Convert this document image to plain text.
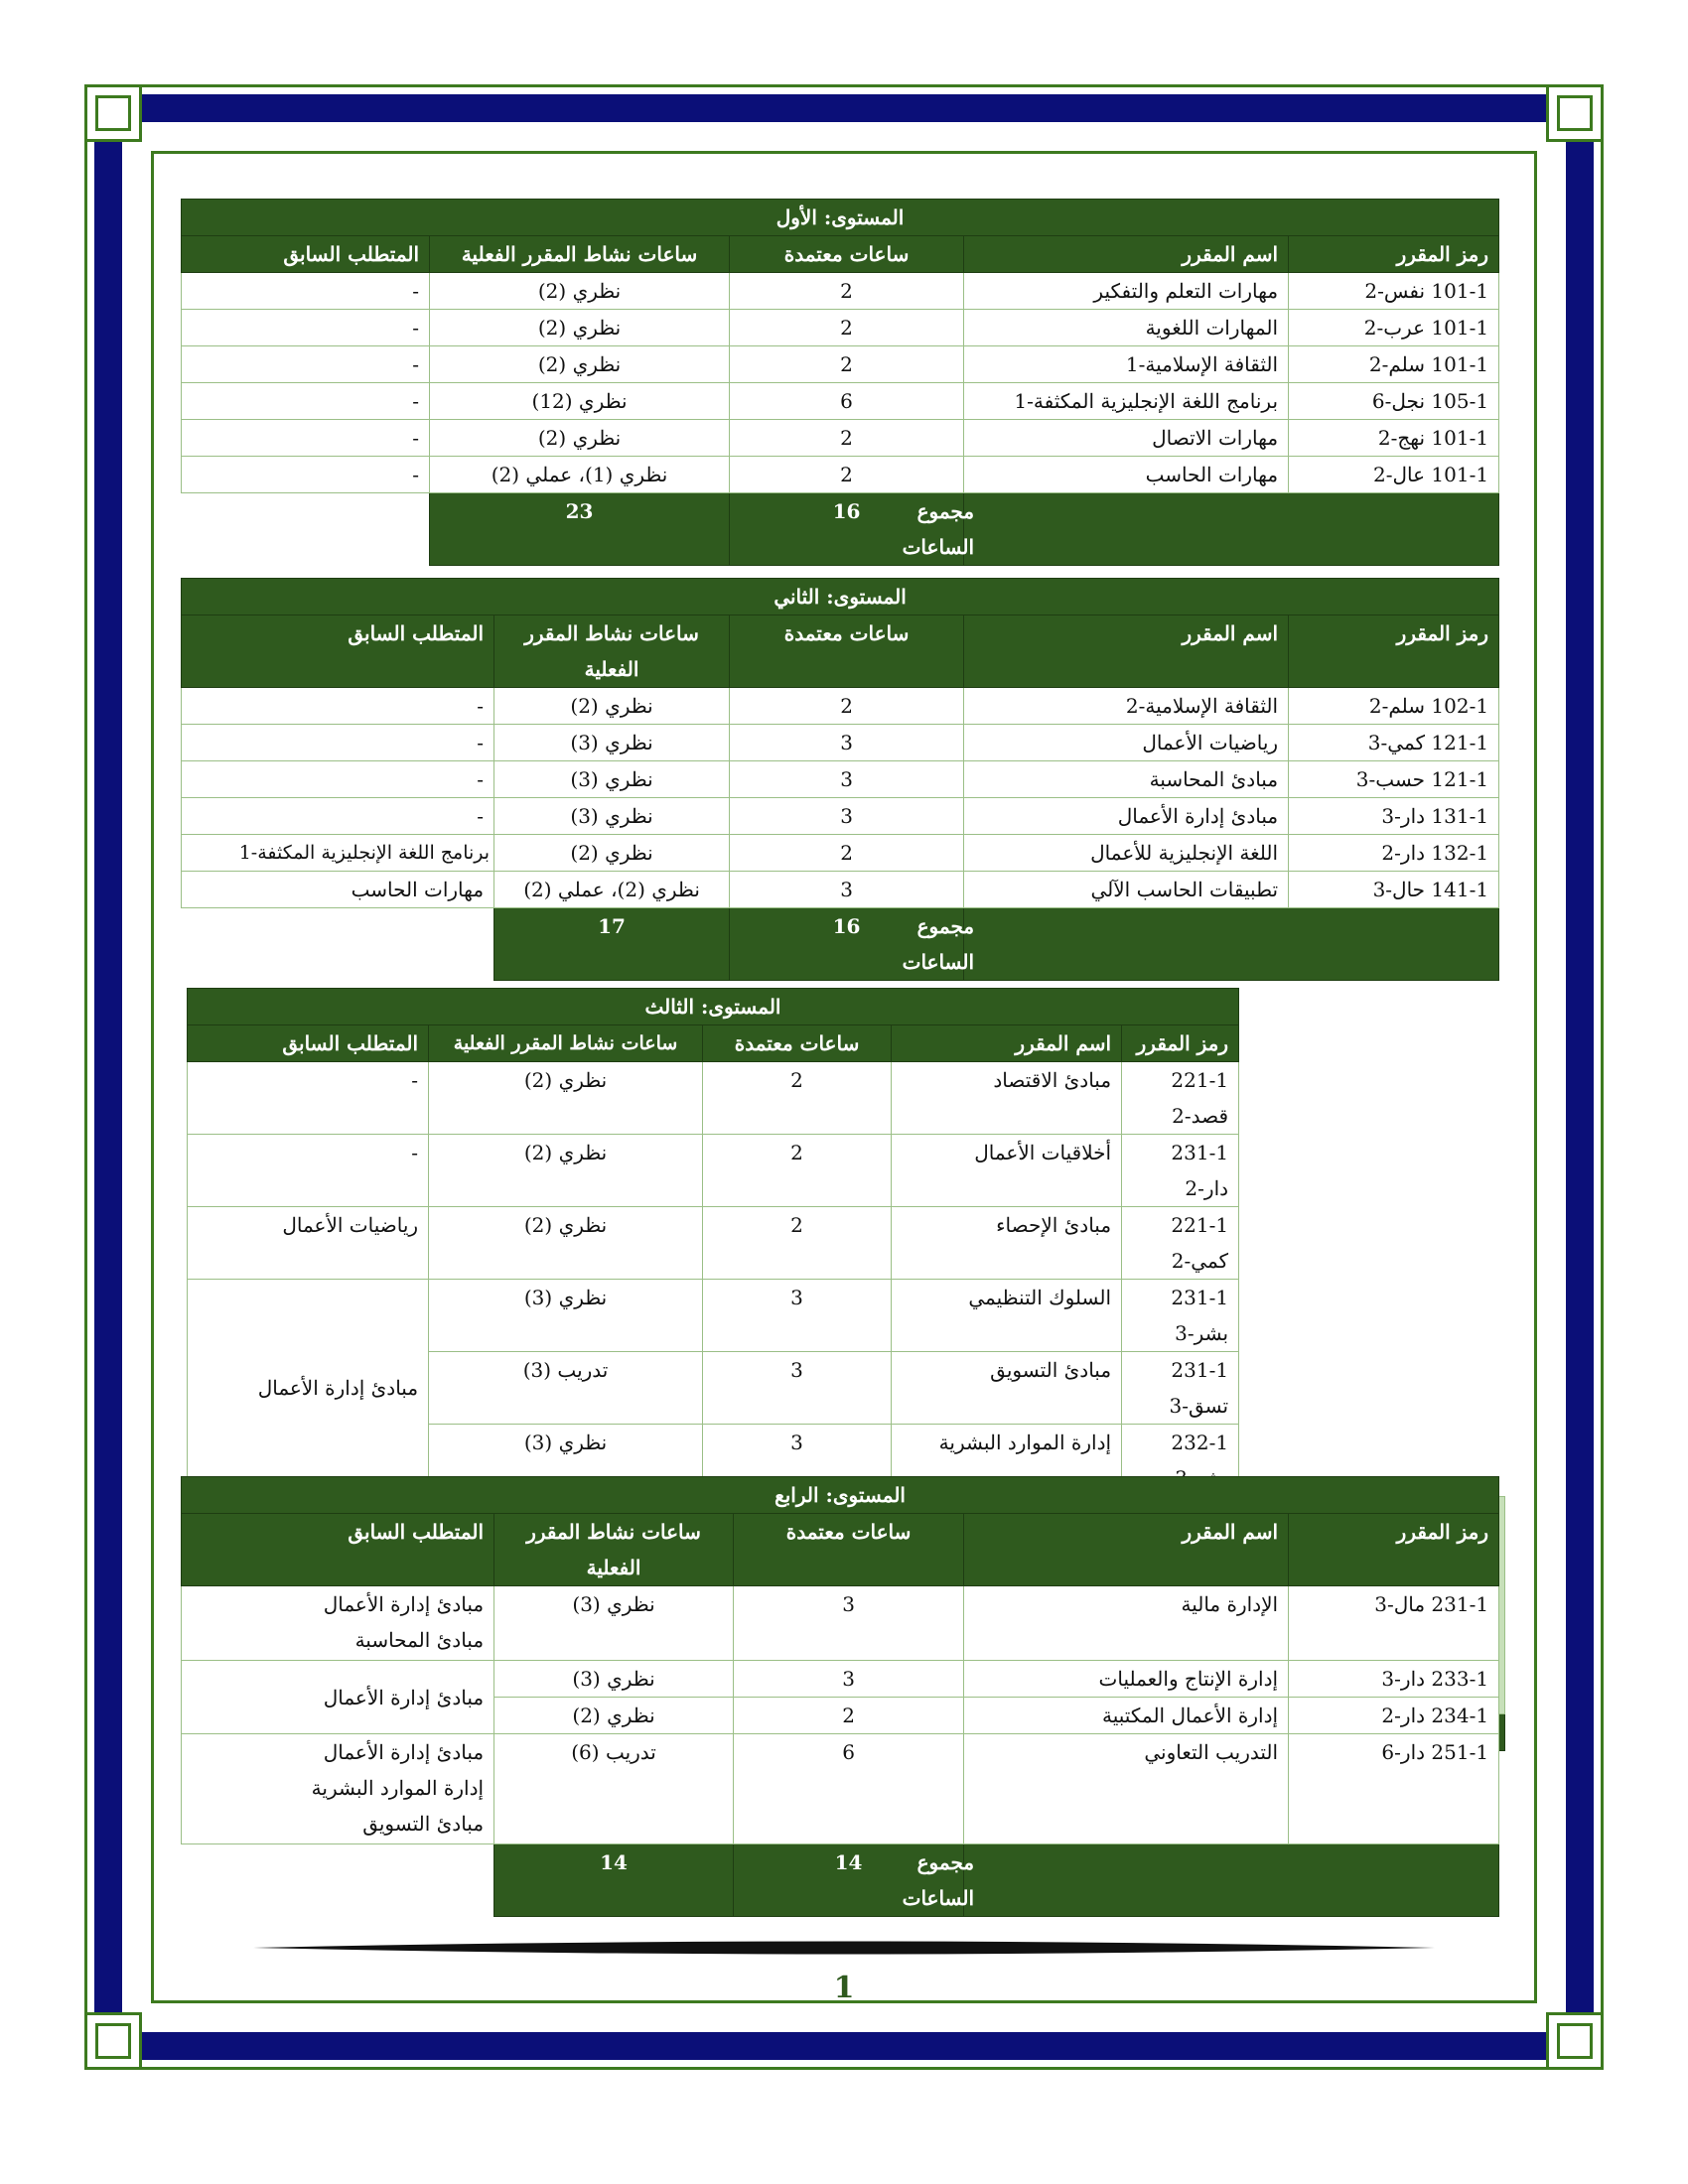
المستوى: الأول				
رمز المقرر	اسم المقرر	ساعات معتمدة	ساعات نشاط المقرر الفعلية	المتطلب السابق
101-1 نفس-2	مهارات التعلم والتفكير	2	نظري (2)	-
101-1 عرب-2	المهارات اللغوية	2	نظري (2)	-
101-1 سلم-2	الثقافة الإسلامية-1	2	نظري (2)	-
105-1 نجل-6	برنامج اللغة الإنجليزية المكثفة-1	6	نظري (12)	-
101-1 نهج-2	مهارات الاتصال	2	نظري (2)	-
101-1 عال-2	مهارات الحاسب	2	نظري (1)، عملي (2)	-
مجموع الساعات		16	23	
المستوى: الثاني				
رمز المقرر	اسم المقرر	ساعات معتمدة	ساعات نشاط المقرر
الفعلية	المتطلب السابق
102-1 سلم-2	الثقافة الإسلامية-2	2	نظري (2)	-
121-1 كمي-3	رياضيات الأعمال	3	نظري (3)	-
121-1 حسب-3	مبادئ المحاسبة	3	نظري (3)	-
131-1 دار-3	مبادئ إدارة الأعمال	3	نظري (3)	-
132-1 دار-2	اللغة الإنجليزية للأعمال	2	نظري (2)	برنامج اللغة الإنجليزية المكثفة-1
141-1 حال-3	تطبيقات الحاسب الآلي	3	نظري (2)، عملي (2)	مهارات الحاسب
مجموع الساعات		16	17	
	المستوى: الثالث				
	رمز المقرر	اسم المقرر	ساعات معتمدة	ساعات نشاط المقرر الفعلية	المتطلب السابق
	221-1 قصد-2	مبادئ الاقتصاد	2	نظري (2)	-
	231-1 دار-2	أخلاقيات الأعمال	2	نظري (2)	-
	221-1 كمي-2	مبادئ الإحصاء	2	نظري (2)	رياضيات الأعمال
	231-1 بشر-3	السلوك التنظيمي	3	نظري (3)	مبادئ إدارة الأعمال
	231-1 تسق-3	مبادئ التسويق	3	تدريب (3)	
	232-1	إدارة الموارد البشرية	3	نظري (3)	

المستوى: الرابع				
رمز المقرر	اسم المقرر	ساعات معتمدة	ساعات نشاط المقرر
الفعلية	المتطلب السابق
231-1 مال-3	الإدارة مالية	3	نظري (3)	مبادئ إدارة الأعمال
مبادئ المحاسبة

233-1 دار-3	إدارة الإنتاج والعمليات	3	نظري (3)	مبادئ إدارة الأعمال
234-1 دار-2	إدارة الأعمال المكتبية	2	نظري (2)	
251-1 دار-6	التدريب التعاوني	6	تدريب (6)	مبادئ إدارة الأعمال
إدارة الموارد البشرية
مبادئ التسويق

مجموع الساعات		14	14	
1
